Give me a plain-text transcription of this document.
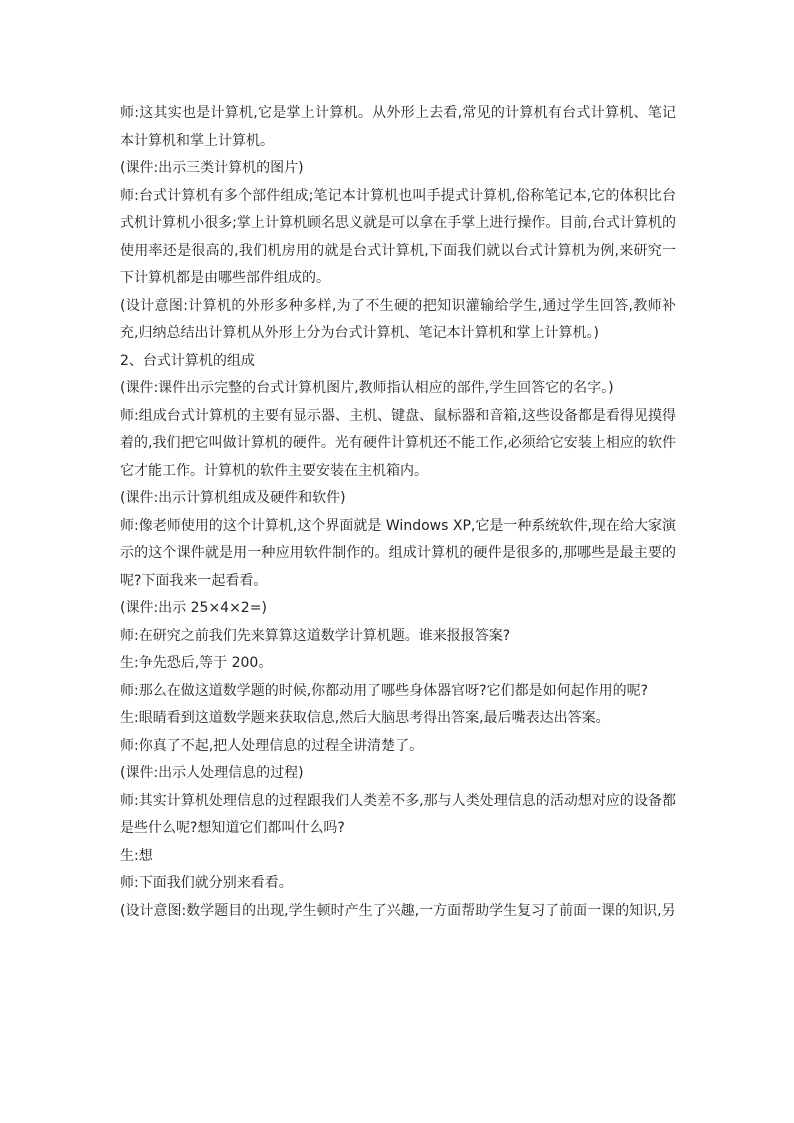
师:这其实也是计算机,它是掌上计算机。从外形上去看,常见的计算机有台式计算机、笔记本计算机和掌上计算机。

(课件:出示三类计算机的图片)

师:台式计算机有多个部件组成;笔记本计算机也叫手提式计算机,俗称笔记本,它的体积比台式机计算机小很多;掌上计算机顾名思义就是可以拿在手掌上进行操作。目前,台式计算机的使用率还是很高的,我们机房用的就是台式计算机,下面我们就以台式计算机为例,来研究一下计算机都是由哪些部件组成的。

(设计意图:计算机的外形多种多样,为了不生硬的把知识灌输给学生,通过学生回答,教师补充,归纳总结出计算机从外形上分为台式计算机、笔记本计算机和掌上计算机。)

2、台式计算机的组成

(课件:课件出示完整的台式计算机图片,教师指认相应的部件,学生回答它的名字。)

师:组成台式计算机的主要有显示器、主机、键盘、鼠标器和音箱,这些设备都是看得见摸得着的,我们把它叫做计算机的硬件。光有硬件计算机还不能工作,必须给它安装上相应的软件它才能工作。计算机的软件主要安装在主机箱内。

(课件:出示计算机组成及硬件和软件)

师:像老师使用的这个计算机,这个界面就是 Windows XP,它是一种系统软件,现在给大家演示的这个课件就是用一种应用软件制作的。组成计算机的硬件是很多的,那哪些是最主要的呢?下面我来一起看看。

(课件:出示 25×4×2=)

师:在研究之前我们先来算算这道数学计算机题。谁来报报答案?

生:争先恐后,等于 200。

师:那么在做这道数学题的时候,你都动用了哪些身体器官呀?它们都是如何起作用的呢?

生:眼睛看到这道数学题来获取信息,然后大脑思考得出答案,最后嘴表达出答案。

师:你真了不起,把人处理信息的过程全讲清楚了。

(课件:出示人处理信息的过程)

师:其实计算机处理信息的过程跟我们人类差不多,那与人类处理信息的活动想对应的设备都是些什么呢?想知道它们都叫什么吗?

生:想

师:下面我们就分别来看看。

(设计意图:数学题目的出现,学生顿时产生了兴趣,一方面帮助学生复习了前面一课的知识,另
